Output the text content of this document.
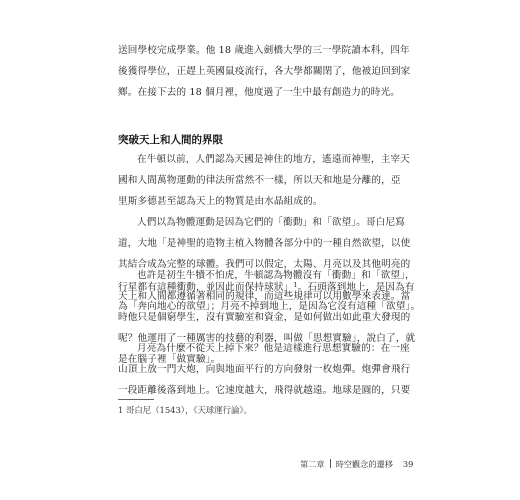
送回學校完成學業。他 18 歲進入劍橋大學的三一學院讀本科，四年
後獲得學位，正趕上英國鼠疫流行，各大學都關閉了，他被迫回到家
鄉。在接下去的 18 個月裡，他度過了一生中最有創造力的時光。
突破天上和人間的界限
在牛頓以前，人們認為天國是神住的地方，遙遠而神聖，主宰天
國和人間萬物運動的律法所當然不一樣，所以天和地是分離的，亞
里斯多德甚至認為天上的物質是由水晶組成的。
人們以為物體運動是因為它們的「衝動」和「欲望」。哥白尼寫
道，大地「是神聖的造物主植入物體各部分中的一種自然欲望，以使
其結合成為完整的球體。我們可以假定，太陽、月亮以及其他明亮的
行星都有這種衝動，並因此而保持球狀」$^1$。石頭落到地上，是因為有
為「奔向地心的欲望」；月亮不掉到地上，是因為它沒有這種「欲望」。
也許是初生牛犢不怕虎，牛頓認為物體沒有「衝動」和「欲望」，
天上和人間都遵循著相同的規律，而這些規律可以用數學來表達。當
時他只是個窮學生，沒有實驗室和資金，是如何做出如此重大發現的
呢？他運用了一種厲害的技藝的利器，叫做「思想實驗」，說白了，就
是在腦子裡「做實驗」。
月亮為什麼不從天上掉下來？他是這樣進行思想實驗的：在一座
山頂上放一門大炮，向與地面平行的方向發射一枚炮彈。炮彈會飛行
一段距離後落到地上。它速度越大，飛得就越遠。地球是圓的，只要
1 哥白尼（1543），《天球運行論》。
第二章 時空觀念的遷移 39
